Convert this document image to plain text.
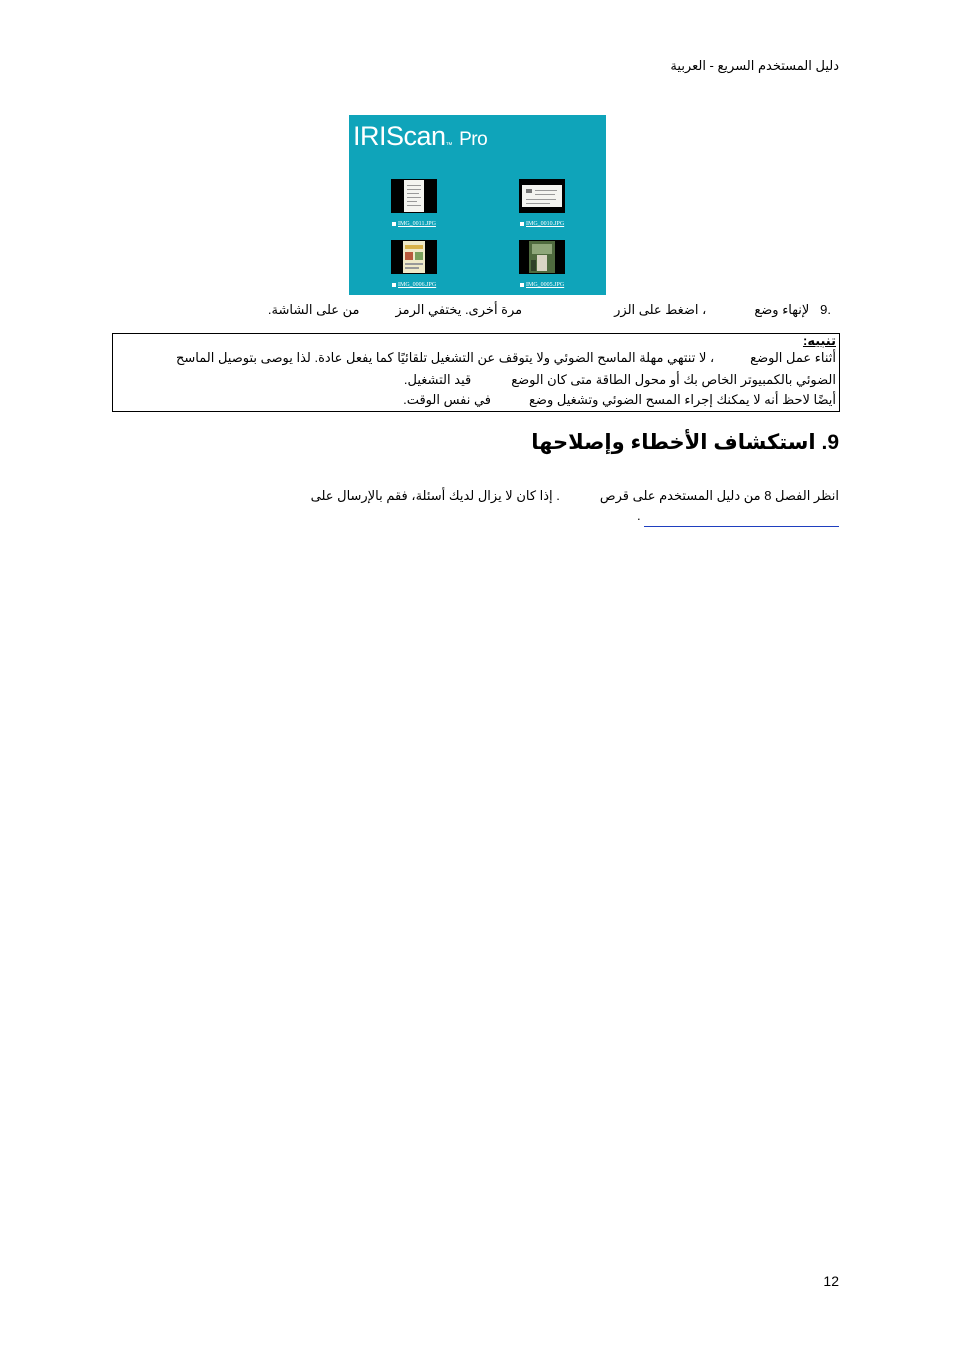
دليل المستخدم السريع - العربية
IRIScan™ Pro
IMG_0011.JPG	IMG_0010.JPG
IMG_0006.JPG	IMG_0005.JPG
.9   لإنهاء وضع، اضغط على الزرمرة أخرى. يختفي الرمزمن على الشاشة.
تنبيه:
أثناء عمل الوضع، لا تنتهي مهلة الماسح الضوئي ولا يتوقف عن التشغيل تلقائيًا كما يفعل عادة. لذا يوصى بتوصيل الماسح
الضوئي بالكمبيوتر الخاص بك أو محول الطاقة متى كان الوضعقيد التشغيل.
أيضًا لاحظ أنه لا يمكنك إجراء المسح الضوئي وتشغيل وضعفي نفس الوقت.
9. استكشاف الأخطاء وإصلاحها
انظر الفصل 8 من دليل المستخدم على قرص. إذا كان لا يزال لديك أسئلة، فقم بالإرسال على
.
12
